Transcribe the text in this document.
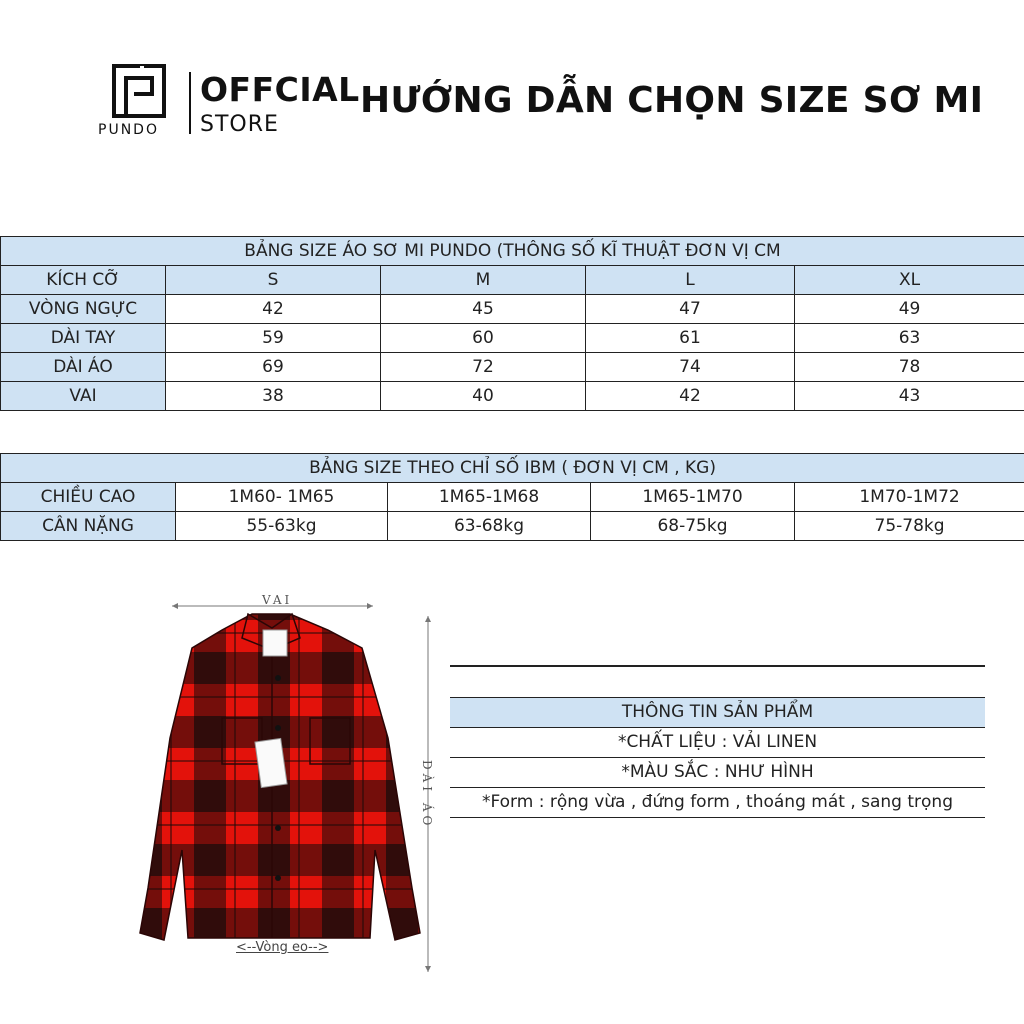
PUNDO
OFFCIAL
STORE
HƯỚNG DẪN CHỌN SIZE SƠ MI
BẢNG SIZE ÁO SƠ MI PUNDO (THÔNG SỐ KĨ THUẬT ĐƠN VỊ CM				
KÍCH CỠ	S	M	L	XL
VÒNG NGỰC	42	45	47	49
DÀI TAY	59	60	61	63
DÀI ÁO	69	72	74	78
VAI	38	40	42	43
BẢNG SIZE THEO CHỈ SỐ IBM ( ĐƠN VỊ CM , KG)				
CHIỀU CAO	1M60- 1M65	1M65-1M68	1M65-1M70	1M70-1M72
CÂN NẶNG	55-63kg	63-68kg	68-75kg	75-78kg
VAI
DÀI ÁO
<--Vòng eo-->
THÔNG TIN SẢN PHẨM
*CHẤT LIỆU : VẢI LINEN
*MÀU SẮC : NHƯ HÌNH
*Form : rộng vừa , đứng form , thoáng mát , sang trọng
